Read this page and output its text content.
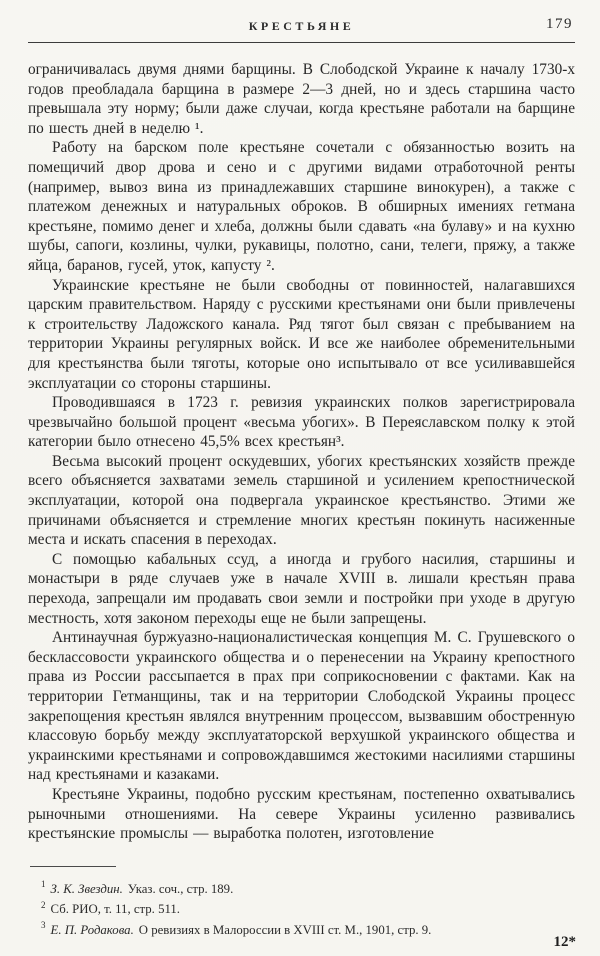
КРЕСТЬЯНЕ	179

ограничивалась двумя днями барщины. В Слободской Украине к началу 1730-х годов преобладала барщина в размере 2—3 дней, но и здесь старшина часто превышала эту норму; были даже случаи, когда крестьяне работали на барщине по шесть дней в неделю ¹.

Работу на барском поле крестьяне сочетали с обязанностью возить на помещичий двор дрова и сено и с другими видами отработочной ренты (например, вывоз вина из принадлежавших старшине винокурен), а также с платежом денежных и натуральных оброков. В обширных имениях гетмана крестьяне, помимо денег и хлеба, должны были сдавать «на булаву» и на кухню шубы, сапоги, козлины, чулки, рукавицы, полотно, сани, телеги, пряжу, а также яйца, баранов, гусей, уток, капусту ².

Украинские крестьяне не были свободны от повинностей, налагавшихся царским правительством. Наряду с русскими крестьянами они были привлечены к строительству Ладожского канала. Ряд тягот был связан с пребыванием на территории Украины регулярных войск. И все же наиболее обременительными для крестьянства были тяготы, которые оно испытывало от все усиливавшейся эксплуатации со стороны старшины.

Проводившаяся в 1723 г. ревизия украинских полков зарегистрировала чрезвычайно большой процент «весьма убогих». В Переяславском полку к этой категории было отнесено 45,5% всех крестьян³.

Весьма высокий процент оскудевших, убогих крестьянских хозяйств прежде всего объясняется захватами земель старшиной и усилением крепостнической эксплуатации, которой она подвергала украинское крестьянство. Этими же причинами объясняется и стремление многих крестьян покинуть насиженные места и искать спасения в переходах.

С помощью кабальных ссуд, а иногда и грубого насилия, старшины и монастыри в ряде случаев уже в начале XVIII в. лишали крестьян права перехода, запрещали им продавать свои земли и постройки при уходе в другую местность, хотя законом переходы еще не были запрещены.

Антинаучная буржуазно-националистическая концепция М. С. Грушевского о бесклассовости украинского общества и о перенесении на Украину крепостного права из России рассыпается в прах при соприкосновении с фактами. Как на территории Гетманщины, так и на территории Слободской Украины процесс закрепощения крестьян являлся внутренним процессом, вызвавшим обостренную классовую борьбу между эксплуататорской верхушкой украинского общества и украинскими крестьянами и сопровождавшимся жестокими насилиями старшины над крестьянами и казаками.

Крестьяне Украины, подобно русским крестьянам, постепенно охватывались рыночными отношениями. На севере Украины усиленно развивались крестьянские промыслы — выработка полотен, изготовление

$^1$ З. К. Звездин. Указ. соч., стр. 189.

$^2$ Сб. РИО, т. 11, стр. 511.

$^3$ Е. П. Родакова. О ревизиях в Малороссии в XVIII ст. М., 1901, стр. 9.

12*
